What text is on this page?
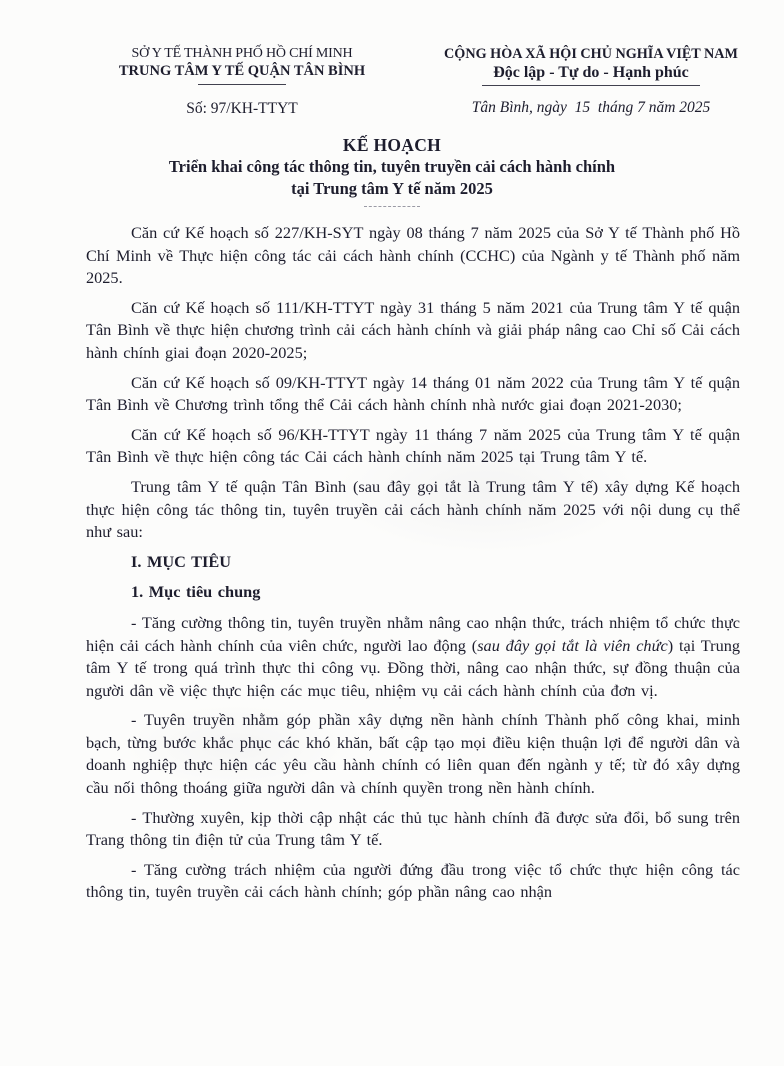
SỞ Y TẾ THÀNH PHỐ HỒ CHÍ MINH
TRUNG TÂM Y TẾ QUẬN TÂN BÌNH
Số: 97/KH-TTYT
CỘNG HÒA XÃ HỘI CHỦ NGHĨA VIỆT NAM
Độc lập - Tự do - Hạnh phúc
Tân Bình, ngày  15  tháng 7 năm 2025
KẾ HOẠCH
Triển khai công tác thông tin, tuyên truyền cải cách hành chính
tại Trung tâm Y tế năm 2025

Căn cứ Kế hoạch số 227/KH-SYT ngày 08 tháng 7 năm 2025 của Sở Y tế Thành phố Hồ Chí Minh về Thực hiện công tác cải cách hành chính (CCHC) của Ngành y tế Thành phố năm 2025.

Căn cứ Kế hoạch số 111/KH-TTYT ngày 31 tháng 5 năm 2021 của Trung tâm Y tế quận Tân Bình về thực hiện chương trình cải cách hành chính và giải pháp nâng cao Chỉ số Cải cách hành chính giai đoạn 2020-2025;

Căn cứ Kế hoạch số 09/KH-TTYT ngày 14 tháng 01 năm 2022 của Trung tâm Y tế quận Tân Bình về Chương trình tổng thể Cải cách hành chính nhà nước giai đoạn 2021-2030;

Căn cứ Kế hoạch số 96/KH-TTYT ngày 11 tháng 7 năm 2025 của Trung tâm Y tế quận Tân Bình về thực hiện công tác Cải cách hành chính năm 2025 tại Trung tâm Y tế.

Trung tâm Y tế quận Tân Bình (sau đây gọi tắt là Trung tâm Y tế) xây dựng Kế hoạch thực hiện công tác thông tin, tuyên truyền cải cách hành chính năm 2025 với nội dung cụ thể như sau:

I. MỤC TIÊU

1. Mục tiêu chung

- Tăng cường thông tin, tuyên truyền nhằm nâng cao nhận thức, trách nhiệm tổ chức thực hiện cải cách hành chính của viên chức, người lao động (sau đây gọi tắt là viên chức) tại Trung tâm Y tế trong quá trình thực thi công vụ. Đồng thời, nâng cao nhận thức, sự đồng thuận của người dân về việc thực hiện các mục tiêu, nhiệm vụ cải cách hành chính của đơn vị.

- Tuyên truyền nhằm góp phần xây dựng nền hành chính Thành phố công khai, minh bạch, từng bước khắc phục các khó khăn, bất cập tạo mọi điều kiện thuận lợi để người dân và doanh nghiệp thực hiện các yêu cầu hành chính có liên quan đến ngành y tế; từ đó xây dựng cầu nối thông thoáng giữa người dân và chính quyền trong nền hành chính.

- Thường xuyên, kịp thời cập nhật các thủ tục hành chính đã được sửa đổi, bổ sung trên Trang thông tin điện tử của Trung tâm Y tế.

- Tăng cường trách nhiệm của người đứng đầu trong việc tổ chức thực hiện công tác thông tin, tuyên truyền cải cách hành chính; góp phần nâng cao nhận
